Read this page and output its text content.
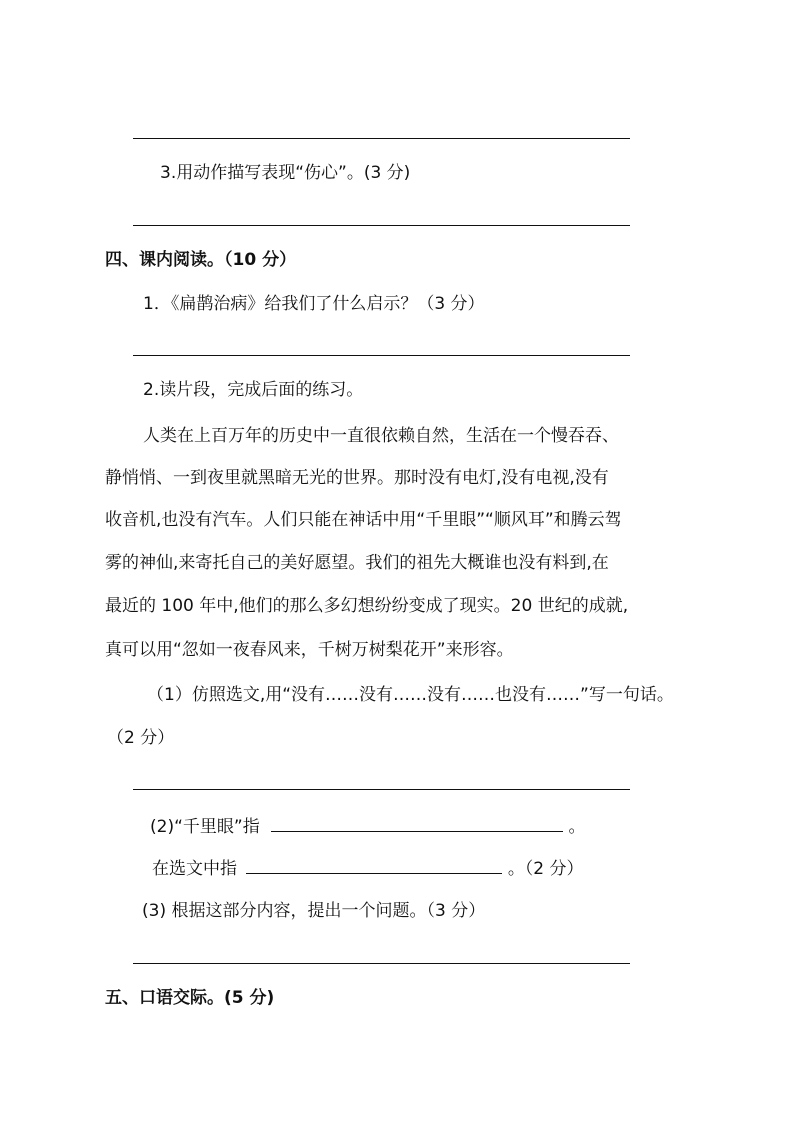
3.用动作描写表现“伤心”。(3 分)
四、课内阅读。（10 分）
1．《扁鹊治病》给我们了什么启示？（3 分）
2.读片段，完成后面的练习。
人类在上百万年的历史中一直很依赖自然，生活在一个慢吞吞、
静悄悄、一到夜里就黑暗无光的世界。那时没有电灯,没有电视,没有
收音机,也没有汽车。人们只能在神话中用“千里眼”“顺风耳”和腾云驾
雾的神仙,来寄托自己的美好愿望。我们的祖先大概谁也没有料到,在
最近的 100 年中,他们的那么多幻想纷纷变成了现实。20 世纪的成就,
真可以用“忽如一夜春风来，千树万树梨花开”来形容。
（1）仿照选文,用“没有……没有……没有……也没有……”写一句话。
（2 分）
(2)“千里眼”指	。
在选文中指	。（2 分）
(3) 根据这部分内容，提出一个问题。（3 分）
五、口语交际。(5 分)
